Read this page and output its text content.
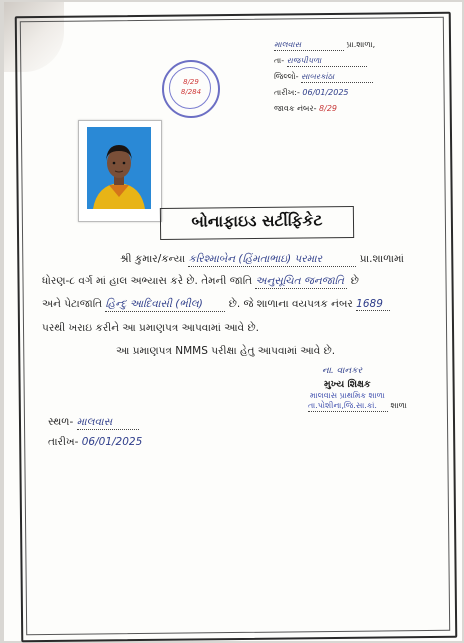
માલવાસ	પ્રા.શાળા,
તા- રાજપીપળા
જિલ્લો- સાબરકાંઠા
તારીખ:- 06/01/2025
જાવક નંબર- 8/29
8/29
8/284
બોનાફાઇડ સર્ટીફિકેટ
શ્રી કુમાર/કન્યા કરિશ્માબેન (હિંમતાભાઇ) પરમાર	પ્રા.શાળામાં
ધોરણ-૮ વર્ગ માં હાલ અભ્યાસ કરે છે. તેમની જાતિ અનુસૂચિત જનજાતિ છે
અને પેટાજાતિ હિન્દુ આદિવાસી (ભીલ) છે. જે શાળાના વયપત્રક નંબર 1689
પરથી ખરાઇ કરીને આ પ્રમાણપત્ર આપવામાં આવે છે.
આ પ્રમાણપત્ર NMMS પરીક્ષા હેતુ આપવામાં આવે છે.
ના. વાનકર
મુખ્ય શિક્ષક
માલવાસ પ્રાથમિક શાળા
તા.પોશીના,જિ.સા.કાં. શાળા
સ્થળ- માલવાસ
તારીખ- 06/01/2025
